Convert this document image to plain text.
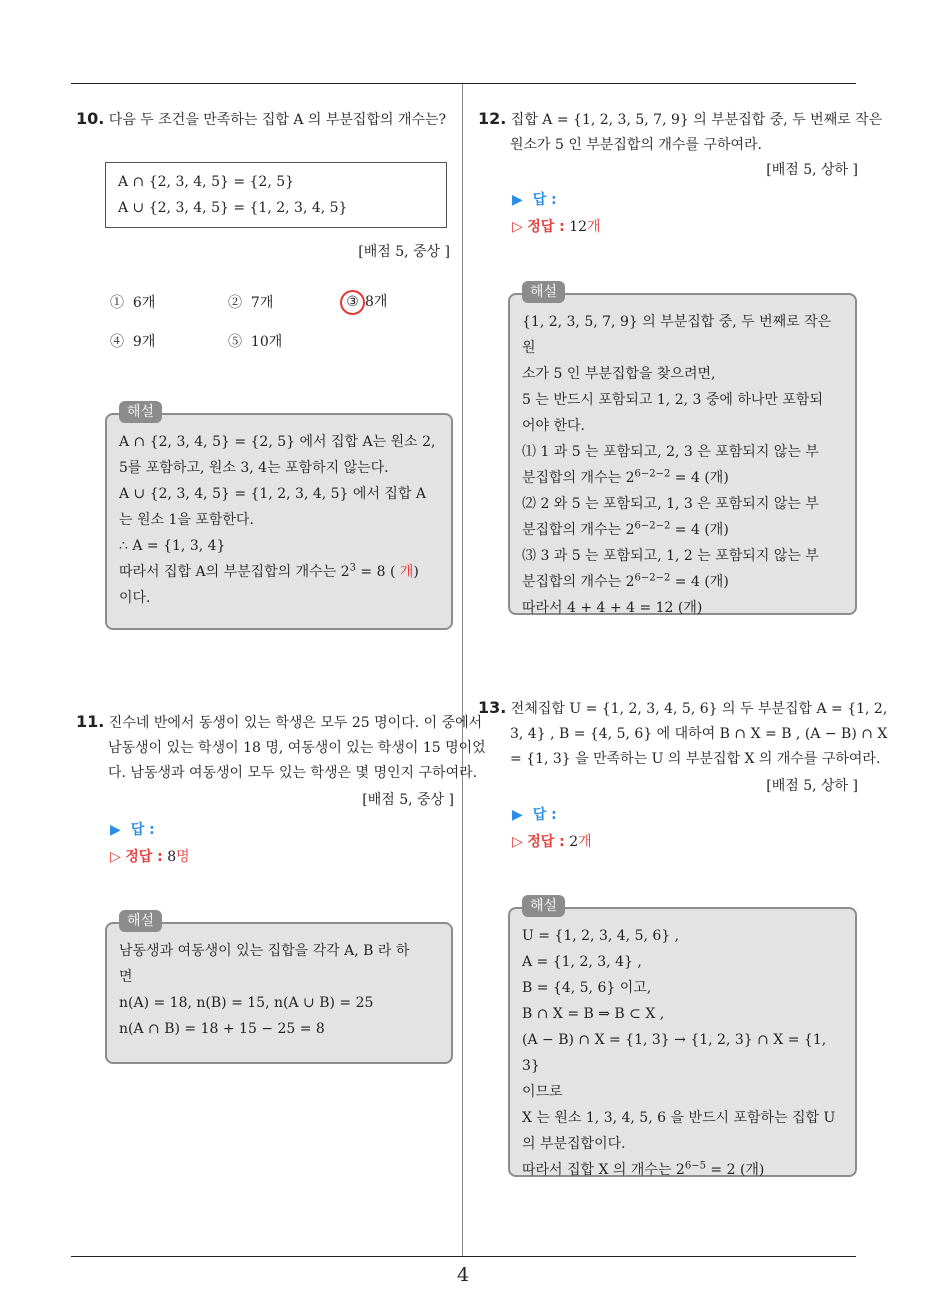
4
10. 다음 두 조건을 만족하는 집합 A 의 부분집합의 개수는?
A ∩ {2, 3, 4, 5} = {2, 5}
A ∪ {2, 3, 4, 5} = {1, 2, 3, 4, 5}
[배점 5, 중상 ]
① 6개	② 7개	③ 8개
④ 9개	⑤ 10개
해설
A ∩ {2, 3, 4, 5} = {2, 5} 에서 집합 A는 원소 2,
5를 포함하고, 원소 3, 4는 포함하지 않는다.
A ∪ {2, 3, 4, 5} = {1, 2, 3, 4, 5} 에서 집합 A
는 원소 1을 포함한다.
∴ A = {1, 3, 4}
따라서 집합 A의 부분집합의 개수는 $2^3 = 8$ ( 개)
이다.
11. 진수네 반에서 동생이 있는 학생은 모두 25 명이다. 이 중에서 남동생이 있는 학생이 18 명, 여동생이 있는 학생이 15 명이었다. 남동생과 여동생이 모두 있는 학생은 몇 명인지 구하여라.
[배점 5, 중상 ]
▶ 답 :
▷ 정답 : 8명
해설
남동생과 여동생이 있는 집합을 각각 A, B 라 하
면
n(A) = 18, n(B) = 15, n(A ∪ B) = 25
n(A ∩ B) = 18 + 15 − 25 = 8
12. 집합 A = {1, 2, 3, 5, 7, 9} 의 부분집합 중, 두 번째로 작은 원소가 5 인 부분집합의 개수를 구하여라.
[배점 5, 상하 ]
▶ 답 :
▷ 정답 : 12개
해설
{1, 2, 3, 5, 7, 9} 의 부분집합 중, 두 번째로 작은 원
소가 5 인 부분집합을 찾으려면,
5 는 반드시 포함되고 1, 2, 3 중에 하나만 포함되
어야 한다.
⑴ 1 과 5 는 포함되고, 2, 3 은 포함되지 않는 부
분집합의 개수는 $2^{6-2-2} = 4$ (개)
⑵ 2 와 5 는 포함되고, 1, 3 은 포함되지 않는 부
분집합의 개수는 $2^{6-2-2} = 4$ (개)
⑶ 3 과 5 는 포함되고, 1, 2 는 포함되지 않는 부
분집합의 개수는 $2^{6-2-2} = 4$ (개)
따라서 4 + 4 + 4 = 12 (개)
13. 전체집합 U = {1, 2, 3, 4, 5, 6} 의 두 부분집합 A = {1, 2, 3, 4} , B = {4, 5, 6} 에 대하여 B ∩ X = B , (A − B) ∩ X = {1, 3} 을 만족하는 U 의 부분집합 X 의 개수를 구하여라.
[배점 5, 상하 ]
▶ 답 :
▷ 정답 : 2개
해설
U = {1, 2, 3, 4, 5, 6} ,
A = {1, 2, 3, 4} ,
B = {4, 5, 6} 이고,
B ∩ X = B ⇒ B ⊂ X ,
(A − B) ∩ X = {1, 3} → {1, 2, 3} ∩ X = {1, 3}
이므로
X 는 원소 1, 3, 4, 5, 6 을 반드시 포함하는 집합 U
의 부분집합이다.
따라서 집합 X 의 개수는 $2^{6-5} = 2$ (개)
